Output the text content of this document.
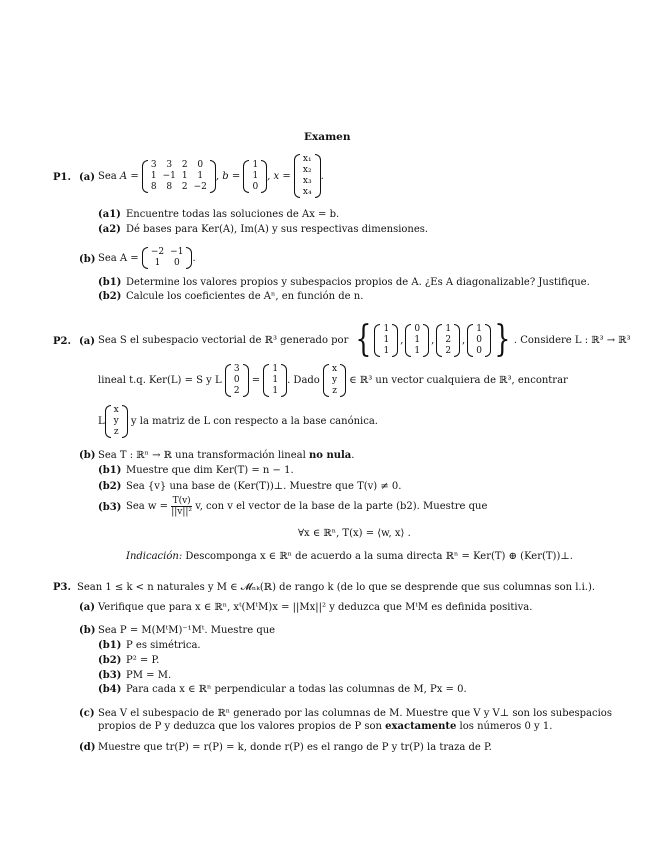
Examen
P1. (a) Sea
A =

3	3	2	0
1	−1	1	1
8	8	2	−2
, b =

1
1
0
, x =

x₁
x₂
x₃
x₄
.
(a1) Encuentre todas las soluciones de Ax = b.
(a2) Dé bases para Ker(A), Im(A) y sus respectivas dimensiones.
(b) Sea A =

−2	−1
1	0 .
(b1) Determine los valores propios y subespacios propios de A. ¿Es A diagonalizable? Justifique.
(b2) Calcule los coeficientes de Aⁿ, en función de n.
P2. (a) Sea S el subespacio vectorial de ℝ³ generado por
{ 1
1
1
,
0
1
1
,
1
2
2
,
1
0
0 } . Considere L : ℝ³ → ℝ³
lineal t.q. Ker(L) = S y L

3
0
2

=

1
1
1
. Dado

x
y
z

∈ ℝ³ un vector cualquiera de ℝ³, encontrar
L
x
y
z

y la matriz de L con respecto a la base canónica.
(b) Sea T : ℝⁿ → ℝ una transformación lineal no nula.
(b1) Muestre que dim Ker(T) = n − 1.
(b2) Sea {v} una base de (Ker(T))⊥. Muestre que T(v) ≠ 0.
(b3) Sea w =
$\frac{T(v)}{\text{||v||²}}$
v, con v el vector de la base de la parte (b2). Muestre que
∀x ∈ ℝⁿ, T(x) = ⟨w, x⟩ .
Indicación: Descomponga x ∈ ℝⁿ de acuerdo a la suma directa ℝⁿ = Ker(T) ⊕ (Ker(T))⊥.
P3. Sean 1 ≤ k < n naturales y M ∈ 𝓜ₙₖ(ℝ) de rango k (de lo que se desprende que sus columnas son l.i.).
(a) Verifique que para x ∈ ℝⁿ, xᵗ(MᵗM)x = ||Mx||² y deduzca que MᵗM es definida positiva.
(b) Sea P = M(MᵗM)⁻¹Mᵗ. Muestre que
(b1) P es simétrica.
(b2) P² = P.
(b3) PM = M.
(b4) Para cada x ∈ ℝⁿ perpendicular a todas las columnas de M, Px = 0.
(c) Sea V el subespacio de ℝⁿ generado por las columnas de M. Muestre que V y V⊥ son los subespacios
propios de P y deduzca que los valores propios de P son exactamente los números 0 y 1.
(d) Muestre que tr(P) = r(P) = k, donde r(P) es el rango de P y tr(P) la traza de P.
